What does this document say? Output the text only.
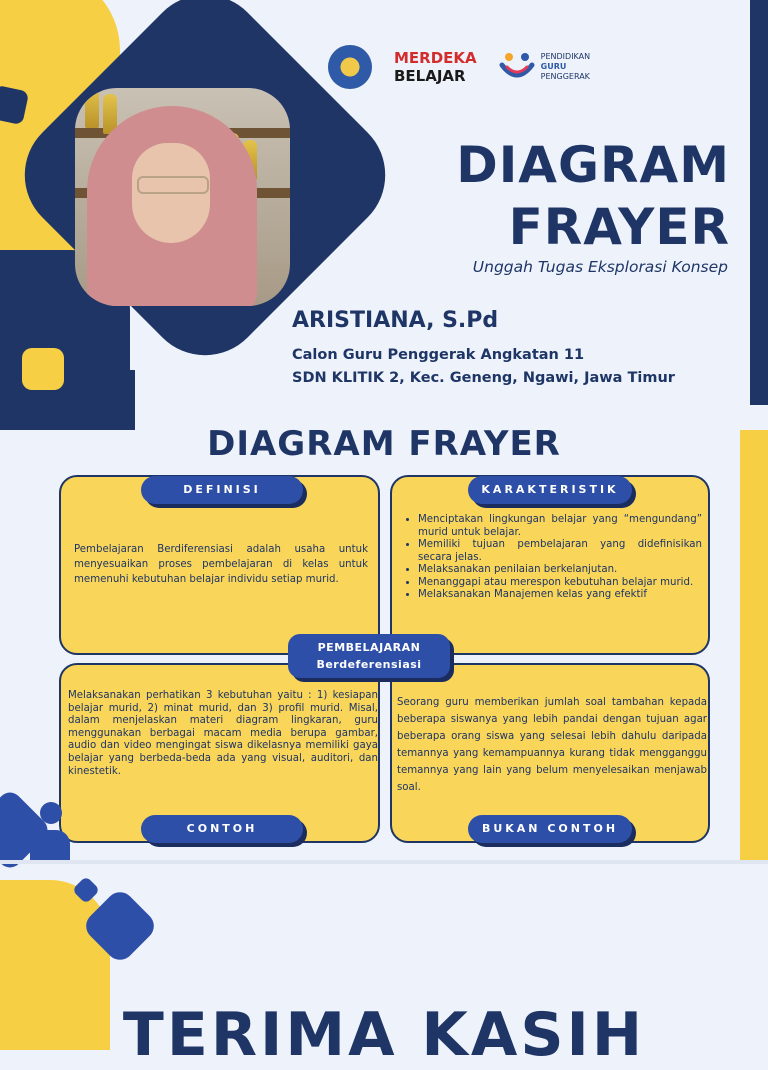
MERDEKA
BELAJAR
PENDIDIKAN
GURU
PENGGERAK
DIAGRAM
FRAYER
Unggah Tugas Eksplorasi Konsep
ARISTIANA, S.Pd
Calon Guru Penggerak Angkatan 11
SDN KLITIK 2, Kec. Geneng, Ngawi, Jawa Timur
DIAGRAM FRAYER
Pembelajaran Berdiferensiasi adalah usaha untuk menyesuaikan proses pembelajaran di kelas untuk memenuhi kebutuhan belajar individu setiap murid.
• Menciptakan lingkungan belajar yang “mengundang” murid untuk belajar.
• Memiliki tujuan pembelajaran yang didefinisikan secara jelas.
• Melaksanakan penilaian berkelanjutan.
• Menanggapi atau merespon kebutuhan belajar murid.
• Melaksanakan Manajemen kelas yang efektif
Melaksanakan perhatikan 3 kebutuhan yaitu : 1) kesiapan belajar murid, 2) minat murid, dan 3) profil murid. Misal, dalam menjelaskan materi diagram lingkaran, guru menggunakan berbagai macam media berupa gambar, audio dan video mengingat siswa dikelasnya memiliki gaya belajar yang berbeda-beda ada yang visual, auditori, dan kinestetik.
Seorang guru memberikan jumlah soal tambahan kepada beberapa siswanya yang lebih pandai dengan tujuan agar beberapa orang siswa yang selesai lebih dahulu daripada temannya yang kemampuannya kurang tidak mengganggu temannya yang lain yang belum menyelesaikan menjawab soal.
DEFINISI	KARAKTERISTIK
CONTOH	BUKAN CONTOH
PEMBELAJARAN
Berdeferensiasi
TERIMA KASIH
